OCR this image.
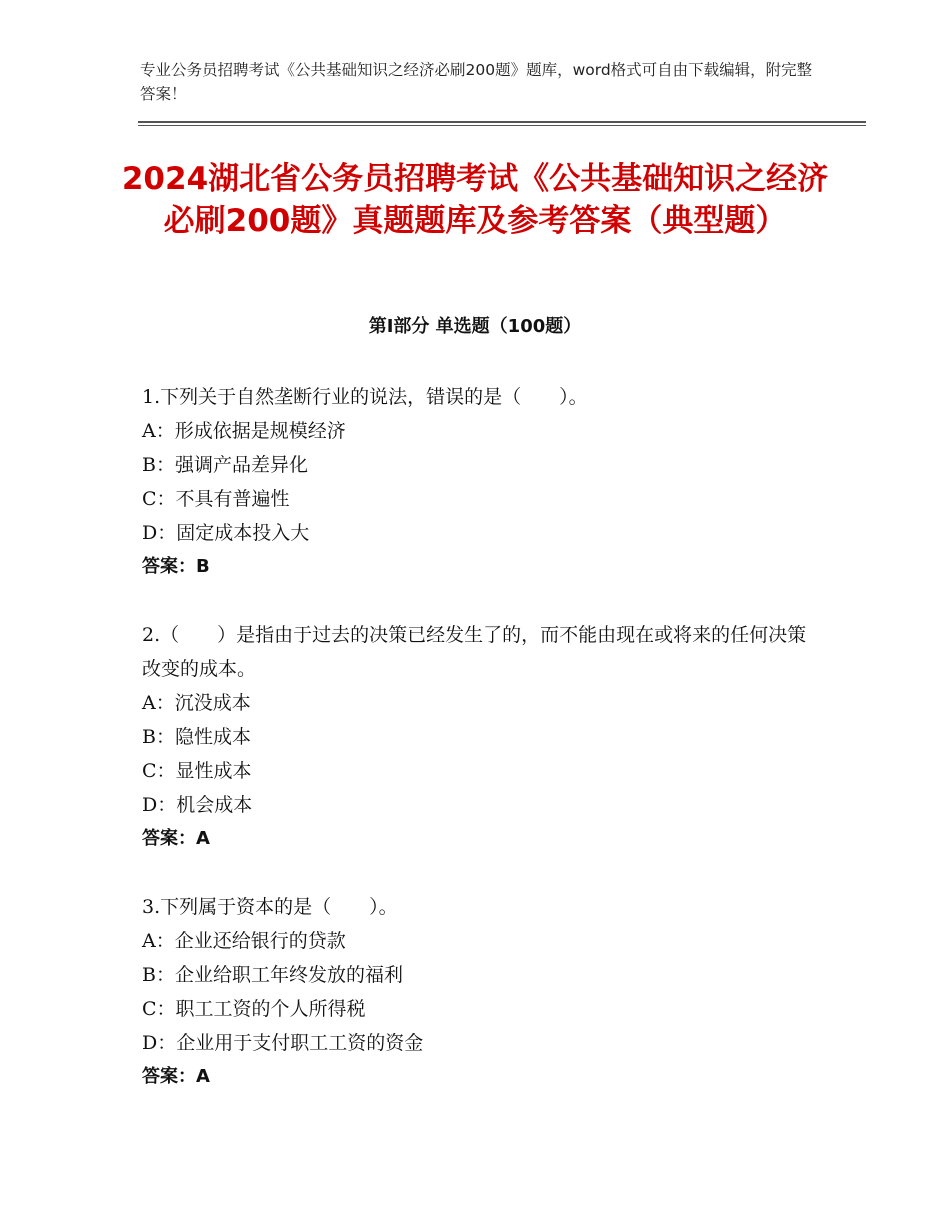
专业公务员招聘考试《公共基础知识之经济必刷200题》题库，word格式可自由下载编辑，附完整答案！
2024湖北省公务员招聘考试《公共基础知识之经济必刷200题》真题题库及参考答案（典型题）
第Ⅰ部分 单选题（100题）
1.下列关于自然垄断行业的说法，错误的是（　　）。
A：形成依据是规模经济
B：强调产品差异化
C：不具有普遍性
D：固定成本投入大
答案：B
2.（　　）是指由于过去的决策已经发生了的，而不能由现在或将来的任何决策改变的成本。
A：沉没成本
B：隐性成本
C：显性成本
D：机会成本
答案：A
3.下列属于资本的是（　　）。
A：企业还给银行的贷款
B：企业给职工年终发放的福利
C：职工工资的个人所得税
D：企业用于支付职工工资的资金
答案：A
